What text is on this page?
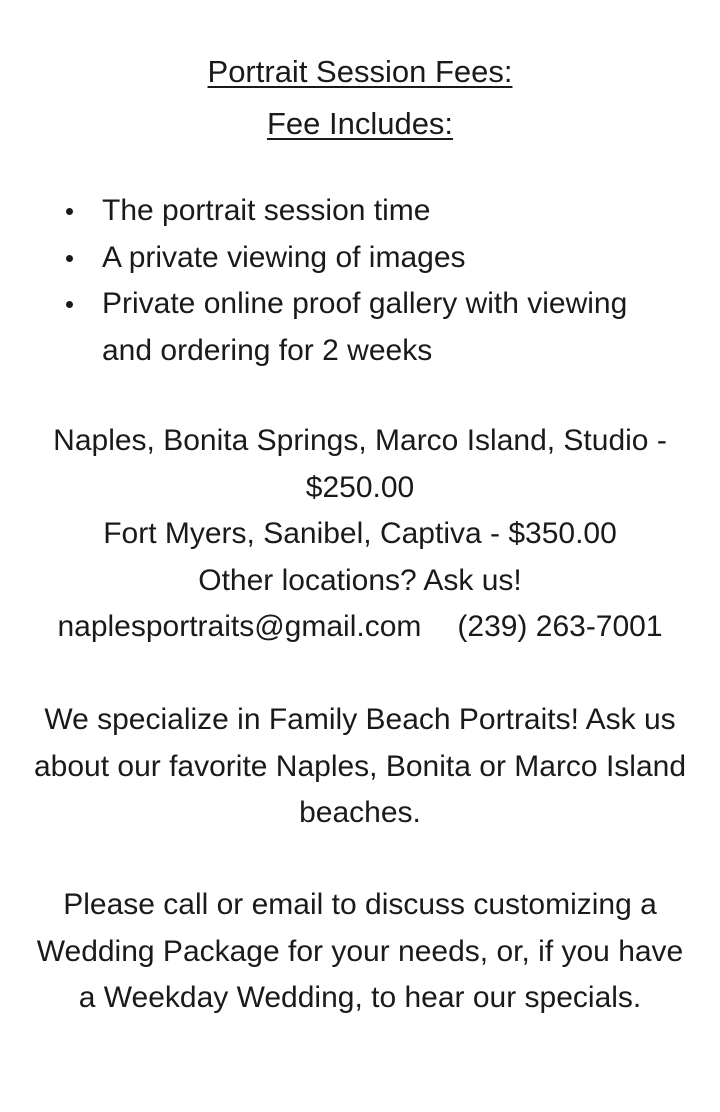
Portrait Session Fees:
Fee Includes:
The portrait session time
A private viewing of images
Private online proof gallery with viewing and ordering for 2 weeks
Naples, Bonita Springs, Marco Island, Studio -
$250.00
Fort Myers, Sanibel, Captiva - $350.00
Other locations? Ask us!
naplesportraits@gmail.com (239) 263-7001

We specialize in Family Beach Portraits! Ask us about our favorite Naples, Bonita or Marco Island beaches.

Please call or email to discuss customizing a Wedding Package for your needs, or, if you have a Weekday Wedding, to hear our specials.
